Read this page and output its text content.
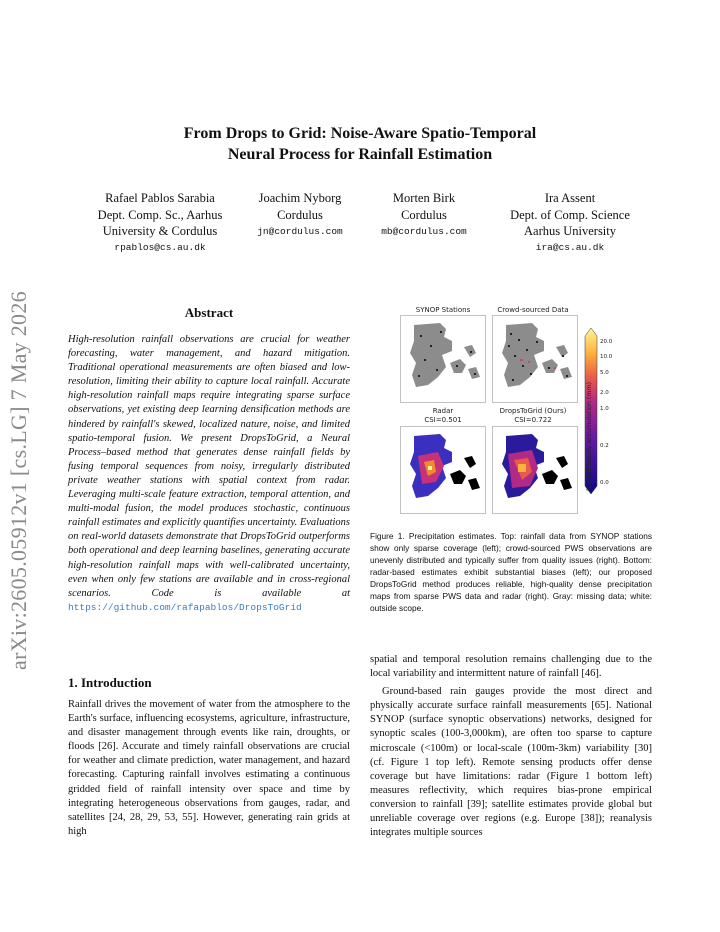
arXiv:2605.05912v1 [cs.LG] 7 May 2026
From Drops to Grid: Noise-Aware Spatio-Temporal
Neural Process for Rainfall Estimation
Rafael Pablos Sarabia
Dept. Comp. Sc., Aarhus
University & Cordulus
rpablos@cs.au.dk
Joachim Nyborg
Cordulus
jn@cordulus.com
Morten Birk
Cordulus
mb@cordulus.com
Ira Assent
Dept. of Comp. Science
Aarhus University
ira@cs.au.dk
Abstract
High-resolution rainfall observations are crucial for weather forecasting, water management, and hazard mitigation. Traditional operational measurements are often biased and low-resolution, limiting their ability to capture local rainfall. Accurate high-resolution rainfall maps require integrating sparse surface observations, yet existing deep learning densification methods are hindered by rainfall's skewed, localized nature, noise, and limited spatio-temporal fusion. We present DropsToGrid, a Neural Process–based method that generates dense rainfall fields by fusing temporal sequences from noisy, irregularly distributed private weather stations with spatial context from radar. Leveraging multi-scale feature extraction, temporal attention, and multi-modal fusion, the model produces stochastic, continuous rainfall estimates and explicitly quantifies uncertainty. Evaluations on real-world datasets demonstrate that DropsToGrid outperforms both operational and deep learning baselines, generating accurate high-resolution rainfall maps with well-calibrated uncertainty, even when only few stations are available and in cross-regional scenarios. Code is available at https://github.com/rafapablos/DropsToGrid
1. Introduction

Rainfall drives the movement of water from the atmosphere to the Earth's surface, influencing ecosystems, agriculture, infrastructure, and disaster management through events like rain, droughts, or floods [26]. Accurate and timely rainfall observations are crucial for weather and climate prediction, water management, and hazard forecasting. Capturing rainfall involves estimating a continuous gridded field of rainfall intensity over space and time by integrating heterogeneous observations from gauges, radar, and satellites [24, 28, 29, 53, 55]. However, generating rain grids at high

spatial and temporal resolution remains challenging due to the local variability and intermittent nature of rainfall [46].

Ground-based rain gauges provide the most direct and physically accurate surface rainfall measurements [65]. National SYNOP (surface synoptic observations) networks, designed for synoptic scales (100-3,000km), are often too sparse to capture microscale (<100m) or local-scale (100m-3km) variability [30] (cf. Figure 1 top left). Remote sensing products offer dense coverage but have limitations: radar (Figure 1 bottom left) measures reflectivity, which requires bias-prone empirical conversion to rainfall [39]; satellite estimates provide global but unreliable coverage over regions (e.g. Europe [38]); reanalysis integrates multiple sources

SYNOP Stations	Crowd-sourced Data
Radar
CSI=0.501
DropsToGrid (Ours)
CSI=0.722
20.0
10.0
5.0
2.0
1.0
0.2
0.0
Rainfall hourly accumulation (mm)
Figure 1. Precipitation estimates. Top: rainfall data from SYNOP stations show only sparse coverage (left); crowd-sourced PWS observations are unevenly distributed and typically suffer from quality issues (right). Bottom: radar-based estimates exhibit substantial biases (left); our proposed DropsToGrid method produces reliable, high-quality dense precipitation maps from sparse PWS data and radar (right). Gray: missing data; white: outside scope.
